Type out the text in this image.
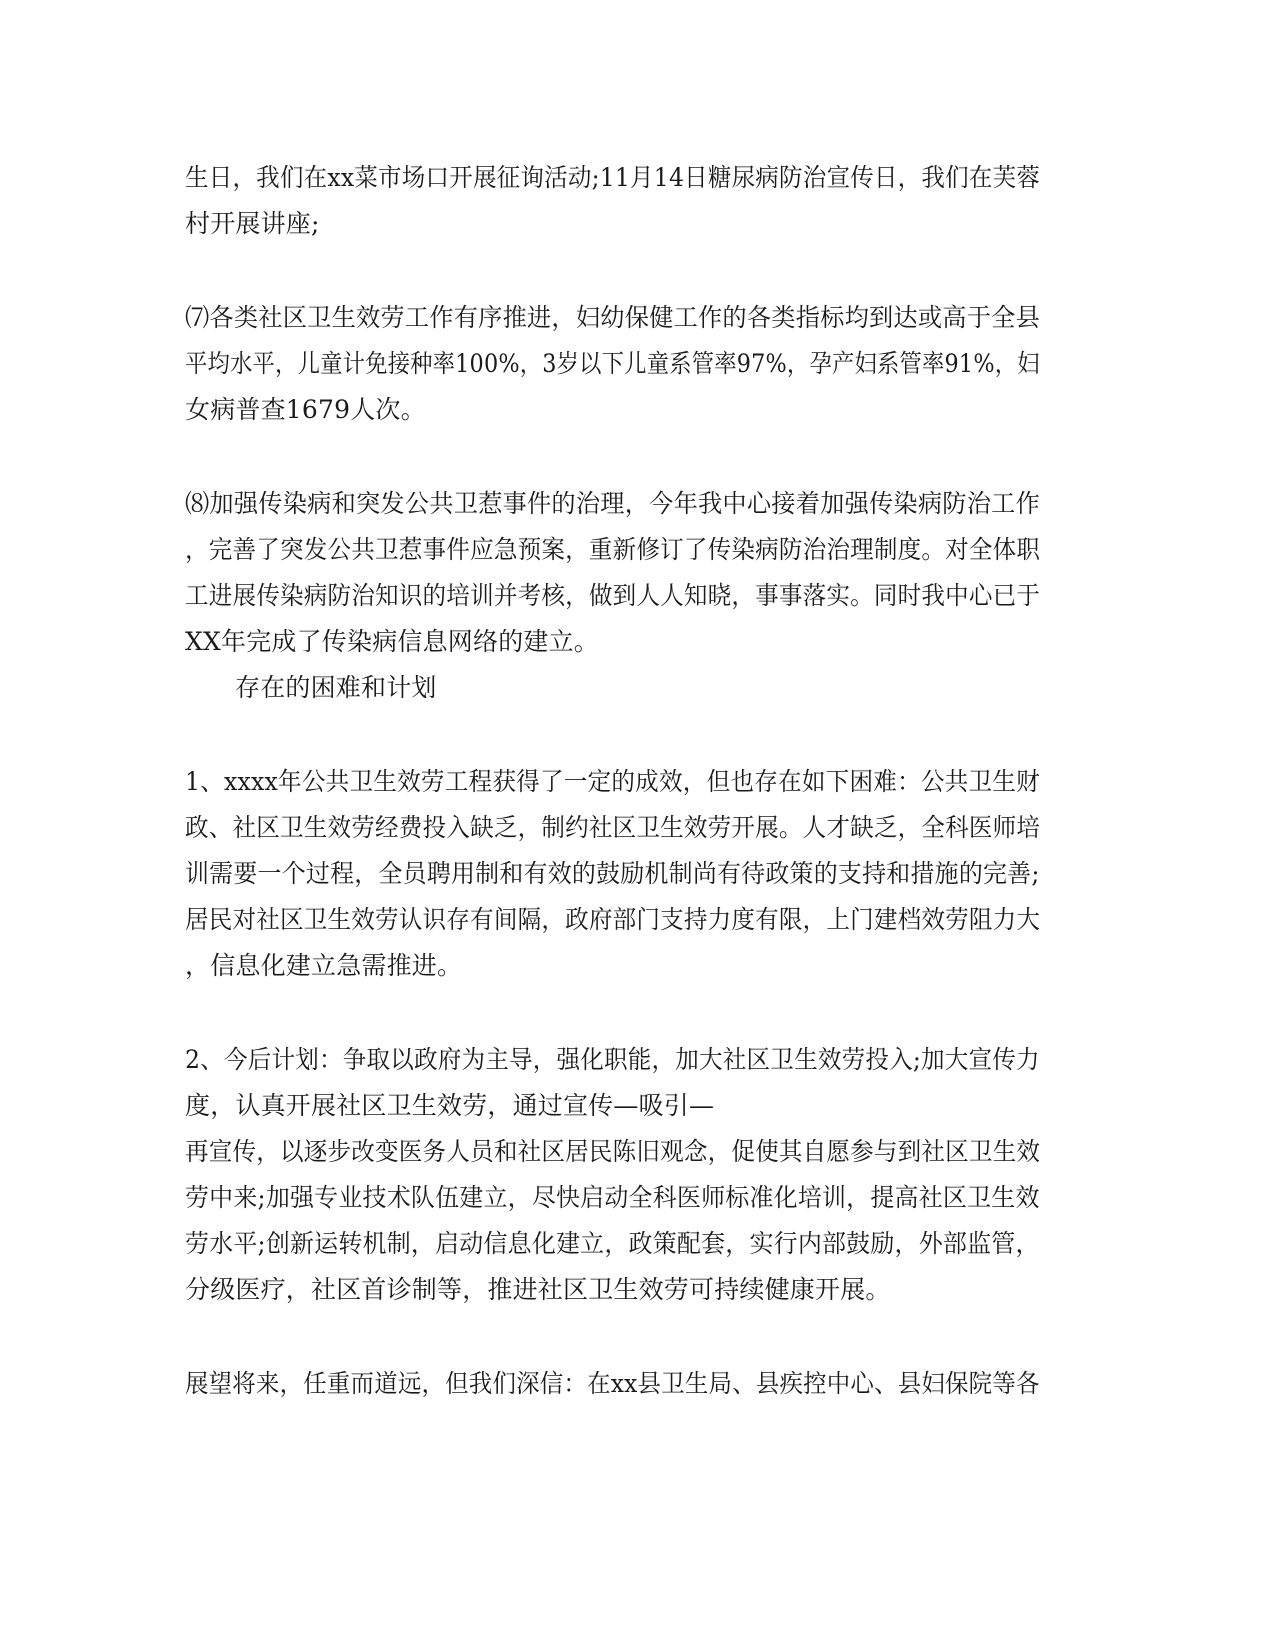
生日，我们在xx菜市场口开展征询活动;11月14日糖尿病防治宣传日，我们在芙蓉
村开展讲座;
⑺各类社区卫生效劳工作有序推进，妇幼保健工作的各类指标均到达或高于全县
平均水平，儿童计免接种率100%，3岁以下儿童系管率97%，孕产妇系管率91%，妇
女病普查1679人次。
⑻加强传染病和突发公共卫惹事件的治理，今年我中心接着加强传染病防治工作
，完善了突发公共卫惹事件应急预案，重新修订了传染病防治治理制度。对全体职
工进展传染病防治知识的培训并考核，做到人人知晓，事事落实。同时我中心已于
XX年完成了传染病信息网络的建立。
存在的困难和计划
1、xxxx年公共卫生效劳工程获得了一定的成效，但也存在如下困难：公共卫生财
政、社区卫生效劳经费投入缺乏，制约社区卫生效劳开展。人才缺乏，全科医师培
训需要一个过程，全员聘用制和有效的鼓励机制尚有待政策的支持和措施的完善;
居民对社区卫生效劳认识存有间隔，政府部门支持力度有限，上门建档效劳阻力大
，信息化建立急需推进。
2、今后计划：争取以政府为主导，强化职能，加大社区卫生效劳投入;加大宣传力
度，认真开展社区卫生效劳，通过宣传—吸引—
再宣传，以逐步改变医务人员和社区居民陈旧观念，促使其自愿参与到社区卫生效
劳中来;加强专业技术队伍建立，尽快启动全科医师标准化培训，提高社区卫生效
劳水平;创新运转机制，启动信息化建立，政策配套，实行内部鼓励，外部监管，
分级医疗，社区首诊制等，推进社区卫生效劳可持续健康开展。
展望将来，任重而道远，但我们深信：在xx县卫生局、县疾控中心、县妇保院等各
